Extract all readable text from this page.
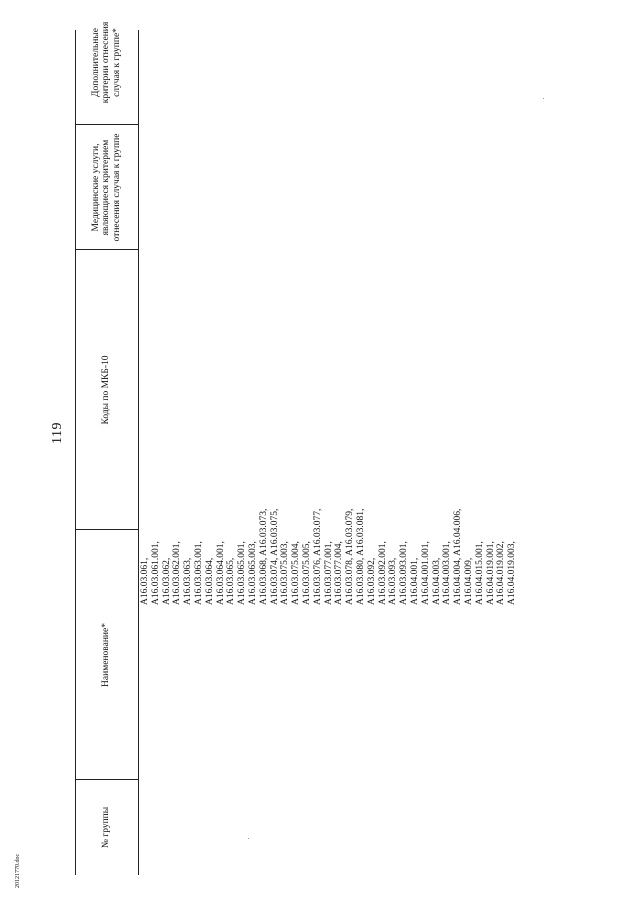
119
№ группы
Наименование*
Коды по МКБ-10
Медицинские услуги, являющиеся критерием отнесения случая к группе
Дополнительные критерии отнесения случая к группе*
A16.03.061, A16.03.061.001, A16.03.062, A16.03.062.001, A16.03.063, A16.03.063.001, A16.03.064, A16.03.064.001, A16.03.065, A16.03.065.001, A16.03.065.003, A16.03.068, A16.03.073, A16.03.074, A16.03.075, A16.03.075.003, A16.03.075.004, A16.03.075.005, A16.03.076, A16.03.077, A16.03.077.001, A16.03.077.004, A16.03.078, A16.03.079, A16.03.080, A16.03.081, A16.03.092, A16.03.092.001, A16.03.093, A16.03.093.001, A16.04.001, A16.04.001.001, A16.04.003, A16.04.003.001, A16.04.004, A16.04.006, A16.04.009, A16.04.015.001, A16.04.019.001, A16.04.019.002, A16.04.019.003,
20121770.doc
